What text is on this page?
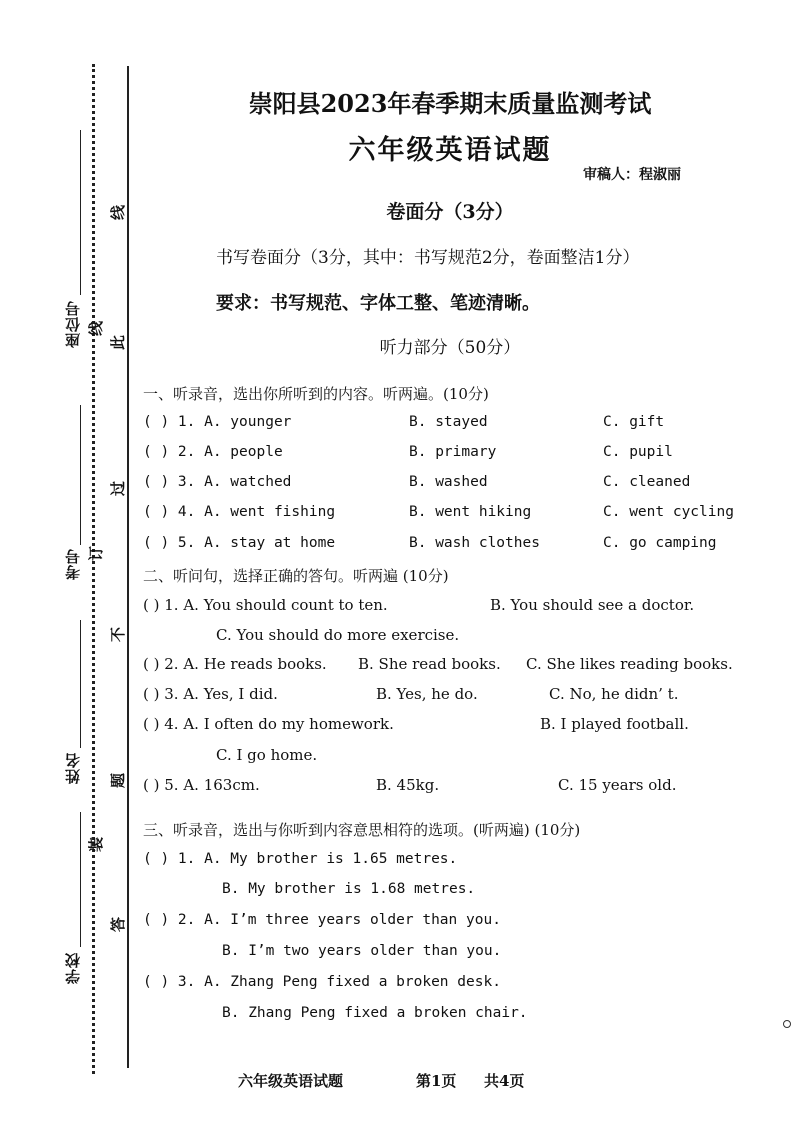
座位号
考号
姓名
学校
线
线
此
订
过
不
题
装
答
崇阳县2023年春季期末质量监测考试
六年级英语试题
审稿人：程淑丽
卷面分（3分）
书写卷面分（3分，其中：书写规范2分，卷面整洁1分）
要求：书写规范、字体工整、笔迹清晰。
听力部分（50分）
一、听录音，选出你所听到的内容。听两遍。(10分)
( ) 1. A. younger	B. stayed	C. gift
( ) 2. A. people	B. primary	C. pupil
( ) 3. A. watched	B. washed	C. cleaned
( ) 4. A. went fishing	B. went hiking	C. went cycling
( ) 5. A. stay at home	B. wash clothes	C. go camping
二、听问句，选择正确的答句。听两遍 (10分)
( ) 1. A. You should count to ten.	B. You should see a doctor.
C. You should do more exercise.
( ) 2. A. He reads books. B. She read books. C. She likes reading books.
( ) 3. A. Yes, I did.	B. Yes, he do.	C. No, he didn’ t.
( ) 4. A. I often do my homework.	B. I played football.
C. I go home.
( ) 5. A. 163cm.	B. 45kg.	C. 15 years old.
三、听录音，选出与你听到内容意思相符的选项。(听两遍) (10分)
( ) 1. A. My brother is 1.65 metres.
B. My brother is 1.68 metres.
( ) 2. A. I’m three years older than you.
B. I’m two years older than you.
( ) 3. A. Zhang Peng fixed a broken desk.
B. Zhang Peng fixed a broken chair.
六年级英语试题	第1页 共4页
